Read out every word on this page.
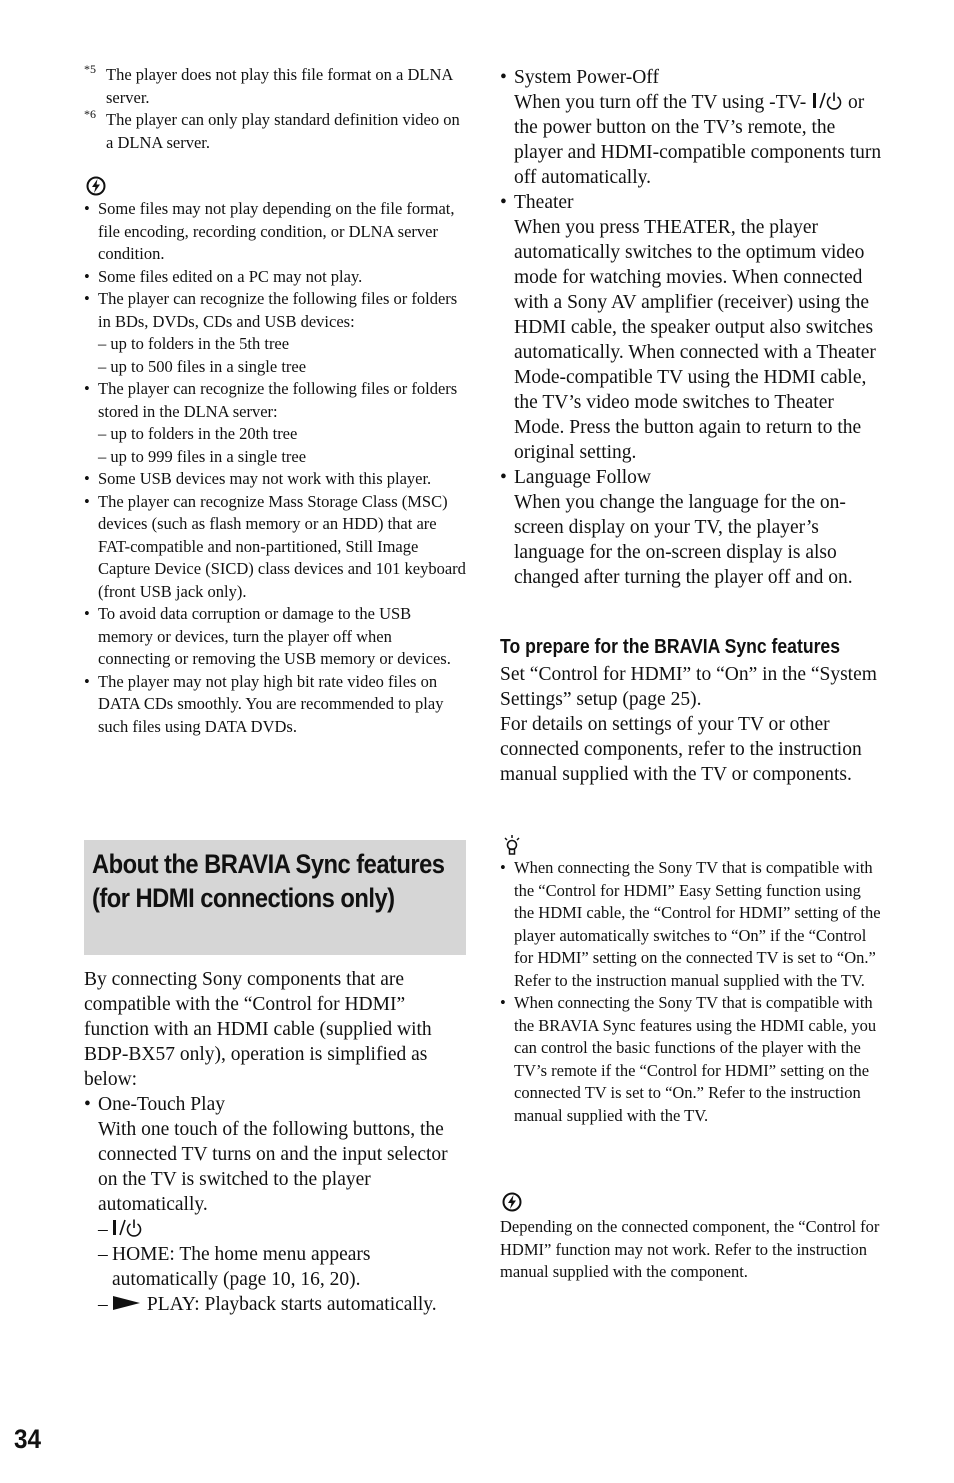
*5 The player does not play this file format on a DLNA server.
*6 The player can only play standard definition video on a DLNA server.
• Some files may not play depending on the file format, file encoding, recording condition, or DLNA server condition.
• Some files edited on a PC may not play.
• The player can recognize the following files or folders in BDs, DVDs, CDs and USB devices:
– up to folders in the 5th tree
– up to 500 files in a single tree
• The player can recognize the following files or folders stored in the DLNA server:
– up to folders in the 20th tree
– up to 999 files in a single tree
• Some USB devices may not work with this player.
• The player can recognize Mass Storage Class (MSC) devices (such as flash memory or an HDD) that are FAT-compatible and non-partitioned, Still Image Capture Device (SICD) class devices and 101 keyboard (front USB jack only).
• To avoid data corruption or damage to the USB memory or devices, turn the player off when connecting or removing the USB memory or devices.
• The player may not play high bit rate video files on DATA CDs smoothly. You are recommended to play such files using DATA DVDs.
About the BRAVIA Sync features (for HDMI connections only)

By connecting Sony components that are compatible with the “Control for HDMI” function with an HDMI cable (supplied with BDP-BX57 only), operation is simplified as below:

• One-Touch Play
With one touch of the following buttons, the connected TV turns on and the input selector on the TV is switched to the player automatically.
–
– HOME: The home menu appears automatically (page 10, 16, 20).
– PLAY: Playback starts automatically.
34
• System Power-Off
When you turn off the TV using -TV- or the power button on the TV’s remote, the player and HDMI-compatible components turn off automatically.
• Theater
When you press THEATER, the player automatically switches to the optimum video mode for watching movies. When connected with a Sony AV amplifier (receiver) using the HDMI cable, the speaker output also switches automatically. When connected with a Theater Mode-compatible TV using the HDMI cable, the TV’s video mode switches to Theater Mode. Press the button again to return to the original setting.
• Language Follow
When you change the language for the on-screen display on your TV, the player’s language for the on-screen display is also changed after turning the player off and on.
To prepare for the BRAVIA Sync features

Set “Control for HDMI” to “On” in the “System Settings” setup (page 25).

For details on settings of your TV or other connected components, refer to the instruction manual supplied with the TV or components.

• When connecting the Sony TV that is compatible with the “Control for HDMI” Easy Setting function using the HDMI cable, the “Control for HDMI” setting of the player automatically switches to “On” if the “Control for HDMI” setting on the connected TV is set to “On.” Refer to the instruction manual supplied with the TV.
• When connecting the Sony TV that is compatible with the BRAVIA Sync features using the HDMI cable, you can control the basic functions of the player with the TV’s remote if the “Control for HDMI” setting on the connected TV is set to “On.” Refer to the instruction manual supplied with the TV.
Depending on the connected component, the “Control for HDMI” function may not work. Refer to the instruction manual supplied with the component.
